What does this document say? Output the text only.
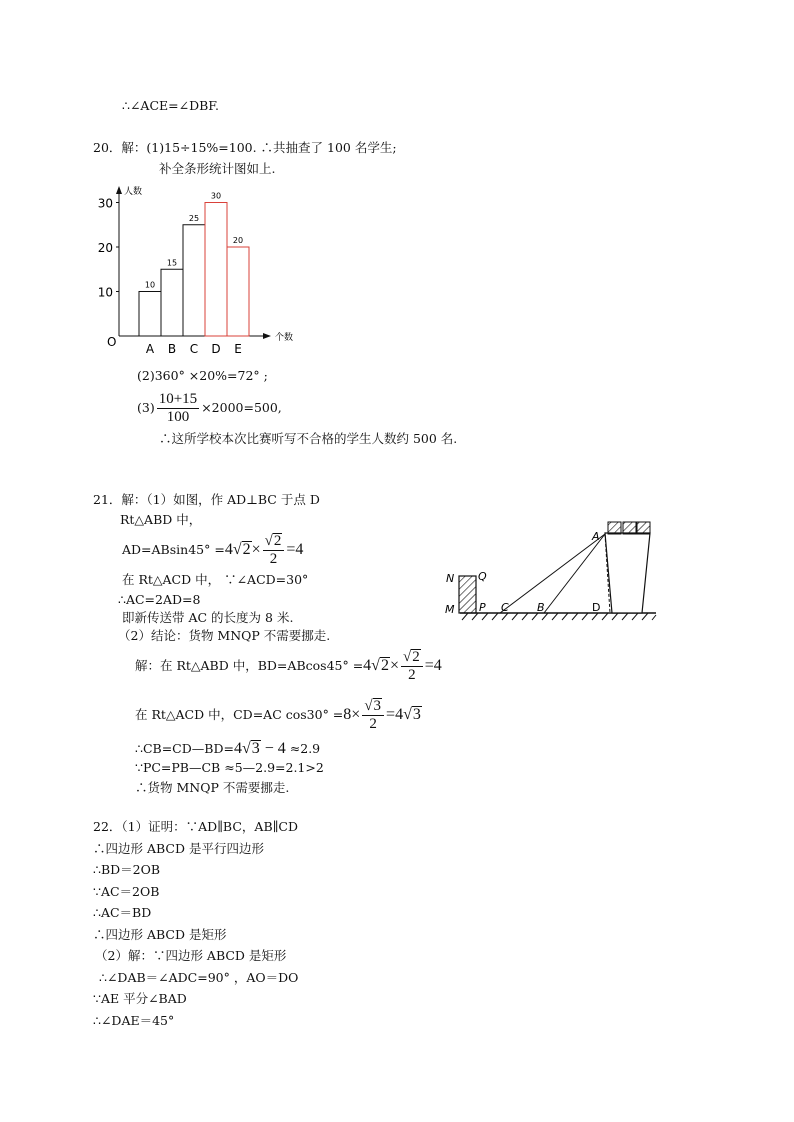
∴∠ACE=∠DBF.
20．解：(1)15÷15%=100. ∴共抽查了 100 名学生;
补全条形统计图如上.
人数
个数
O
10
20
30
10
A
15
B
25
C
30
D
20
E
(2)360° ×20%=72° ;
$(3) \frac{10+15}{100} \times 2000=500$,
∴这所学校本次比赛听写不合格的学生人数约 500 名.
21．解：（1）如图，作 AD⊥BC 于点 D
Rt△ABD 中，
$AD=ABsin45^\circ =4√2\times \frac{√2}{2} =4$
在 Rt△ACD 中， ∵∠ACD=30°
∴AC=2AD=8
即新传送带 AC 的长度为 8 米.
（2）结论：货物 MNQP 不需要挪走.
解：在 Rt△ABD 中，$BD=ABcos45^\circ =4√2\times \frac{√2}{2} =4$
在 Rt△ACD 中，CD=AC $\cos 30^\circ =8\times \frac{√3}{2} =4√3$
∴CB=CD—BD=4√3 − 4 ≈2.9
∵PC=PB—CB ≈5—2.9=2.1>2
∴货物 MNQP 不需要挪走.
A
N Q
M P C	B	D
22．（1）证明：∵AD∥BC，AB∥CD
∴四边形 ABCD 是平行四边形
∴BD＝2OB
∵AC＝2OB
∴AC＝BD
∴四边形 ABCD 是矩形
（2）解：∵四边形 ABCD 是矩形
∴∠DAB＝∠ADC=90° ，AO＝DO
∵AE 平分∠BAD
∴∠DAE＝45°
